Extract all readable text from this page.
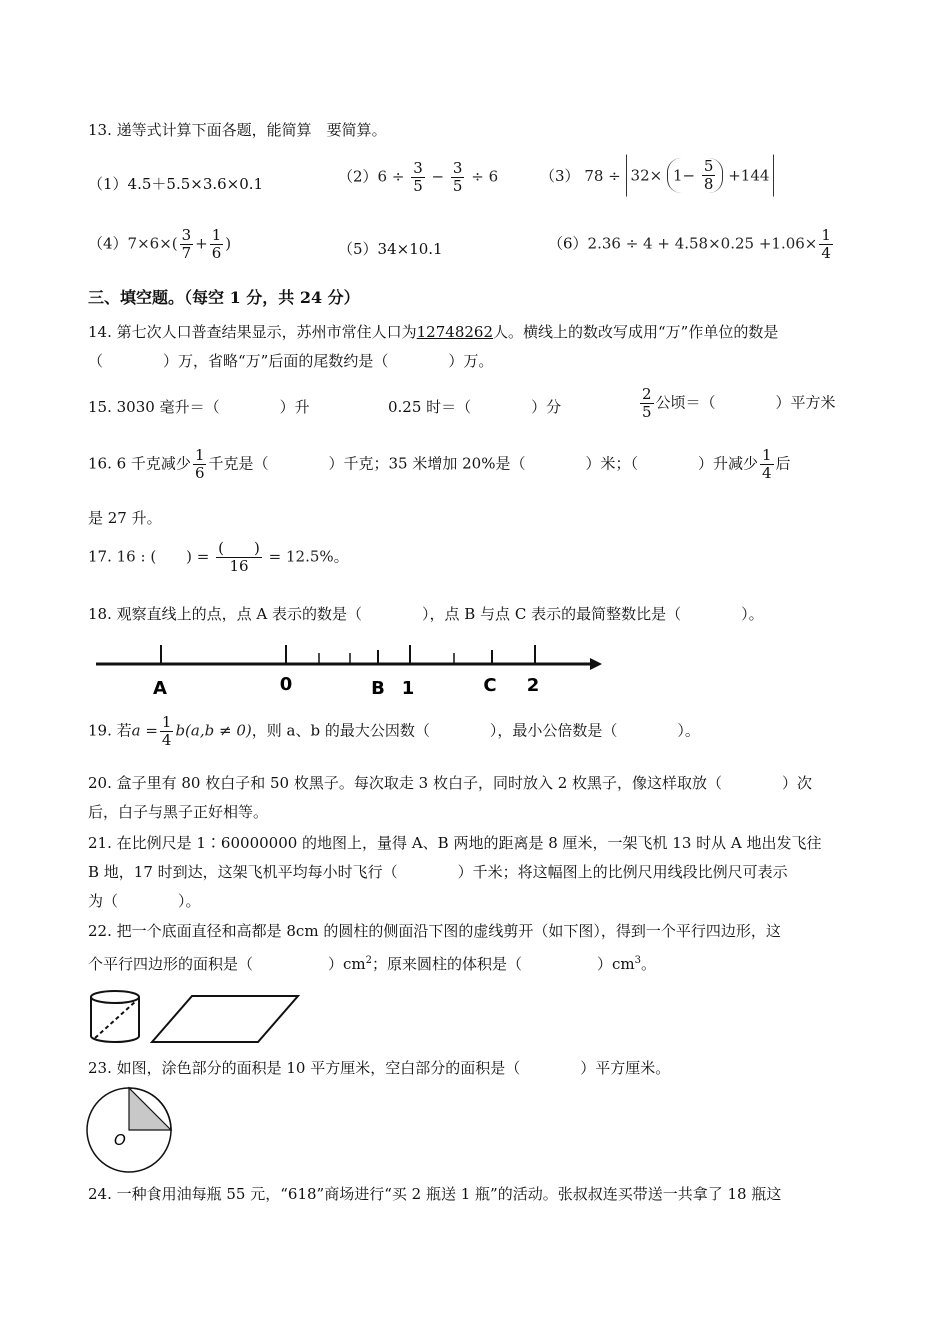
13. 递等式计算下面各题，能简算　要简算。
（1）4.5＋5.5×3.6×0.1	$(2)6 \div \frac{3}{5} - \frac{3}{5} \div 6$	（3） $78 \div 32\times 1- \frac{5}{8} +144$
$(4)7\times 6\times( \frac{3}{7} + \frac{1}{6}$ )	（5）34×10.1	$(6)2.36 \div 4 + 4.58\times 0.25 +1.06\times \frac{1}{4}$
三、填空题。（每空 1 分，共 24 分）
14. 第七次人口普查结果显示，苏州市常住人口为12748262人。横线上的数改写成用“万”作单位的数是
（　　　　）万，省略“万”后面的尾数约是（　　　　）万。
15. 3030 毫升＝（　　　　）升	0.25 时＝（　　　　）分	$\frac{2}{5}$ 公顷＝（　　　　）平方米
16. 6 千克减少 $\frac{1}{6}$ 千克是（　　　　）千克；35 米增加 20%是（　　　　）米；（　　　　）升减少 $\frac{1}{4}$ 后
是 27 升。
17. 16 : (　　) = $\frac{( )}{16} = 12.5\%$。
18. 观察直线上的点，点 A 表示的数是（　　　　），点 B 与点 C 表示的最简整数比是（　　　　）。
A	0	B 1	C 2
19. 若$a = \frac{1}{4} b(a,b \ne 0)$，则 a、b 的最大公因数（　　　　），最小公倍数是（　　　　）。
20. 盒子里有 80 枚白子和 50 枚黑子。每次取走 3 枚白子，同时放入 2 枚黑子，像这样取放（　　　　）次
后，白子与黑子正好相等。
21. 在比例尺是 1∶60000000 的地图上，量得 A、B 两地的距离是 8 厘米，一架飞机 13 时从 A 地出发飞往
B 地，17 时到达，这架飞机平均每小时飞行（　　　　）千米；将这幅图上的比例尺用线段比例尺可表示
为（　　　　）。
22. 把一个底面直径和高都是 8cm 的圆柱的侧面沿下图的虚线剪开（如下图），得到一个平行四边形，这
个平行四边形的面积是（　　　　　）$cm^2$；原来圆柱的体积是（　　　　　）$cm^3$。
23. 如图，涂色部分的面积是 10 平方厘米，空白部分的面积是（　　　　）平方厘米。
O
24. 一种食用油每瓶 55 元，“618”商场进行“买 2 瓶送 1 瓶”的活动。张叔叔连买带送一共拿了 18 瓶这
